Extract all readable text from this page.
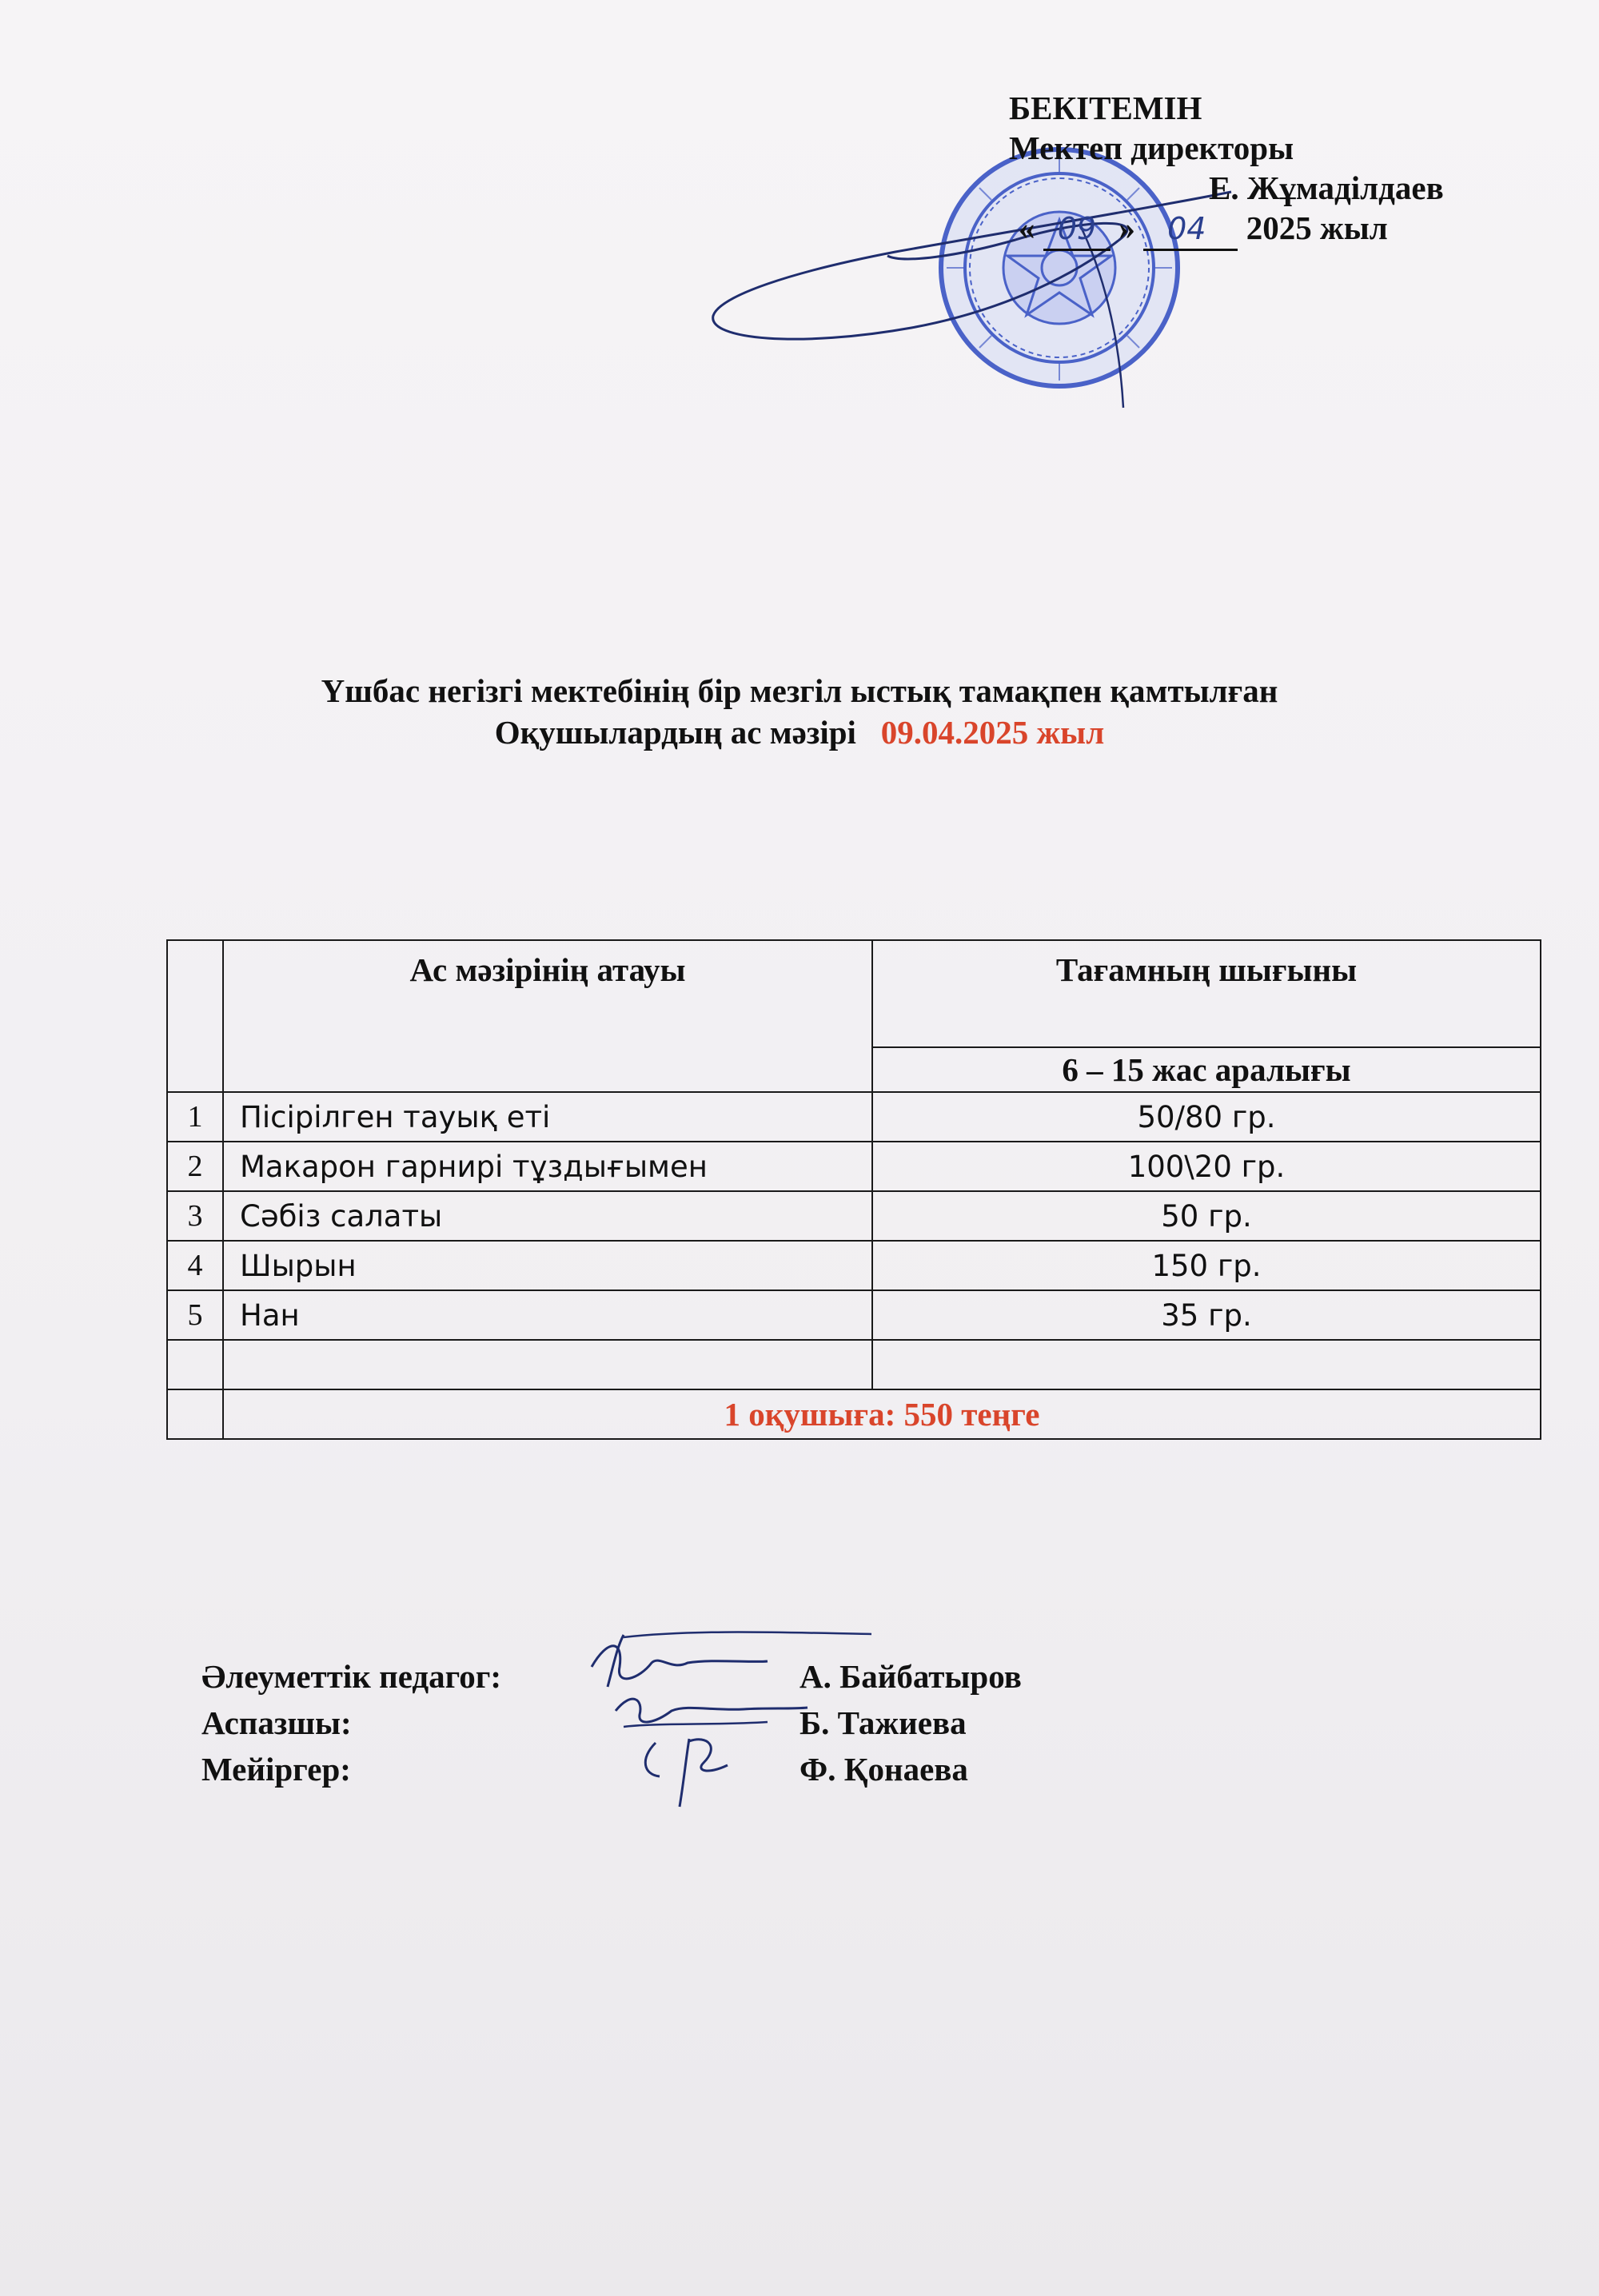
БЕКІТЕМІН
Мектеп директоры
Е. Жұмаділдаев
« 09 » 04 2025 жыл
Үшбас негізгі мектебінің бір мезгіл ыстық тамақпен қамтылған
Оқушылардың ас мәзірі 09.04.2025 жыл
	Ас мәзірінің атауы	Тағамның шығыны
		6 – 15 жас аралығы
1	Пісірілген тауық еті	50/80 гр.
2	Макарон гарнирі тұздығымен	100\20 гр.
3	Сәбіз салаты	50 гр.
4	Шырын	150 гр.
5	Нан	35 гр.

	1 оқушыға: 550 теңге	
Әлеуметтік педагог:	А. Байбатыров
Аспазшы:	Б. Тажиева
Мейіргер:	Ф. Қонаева
